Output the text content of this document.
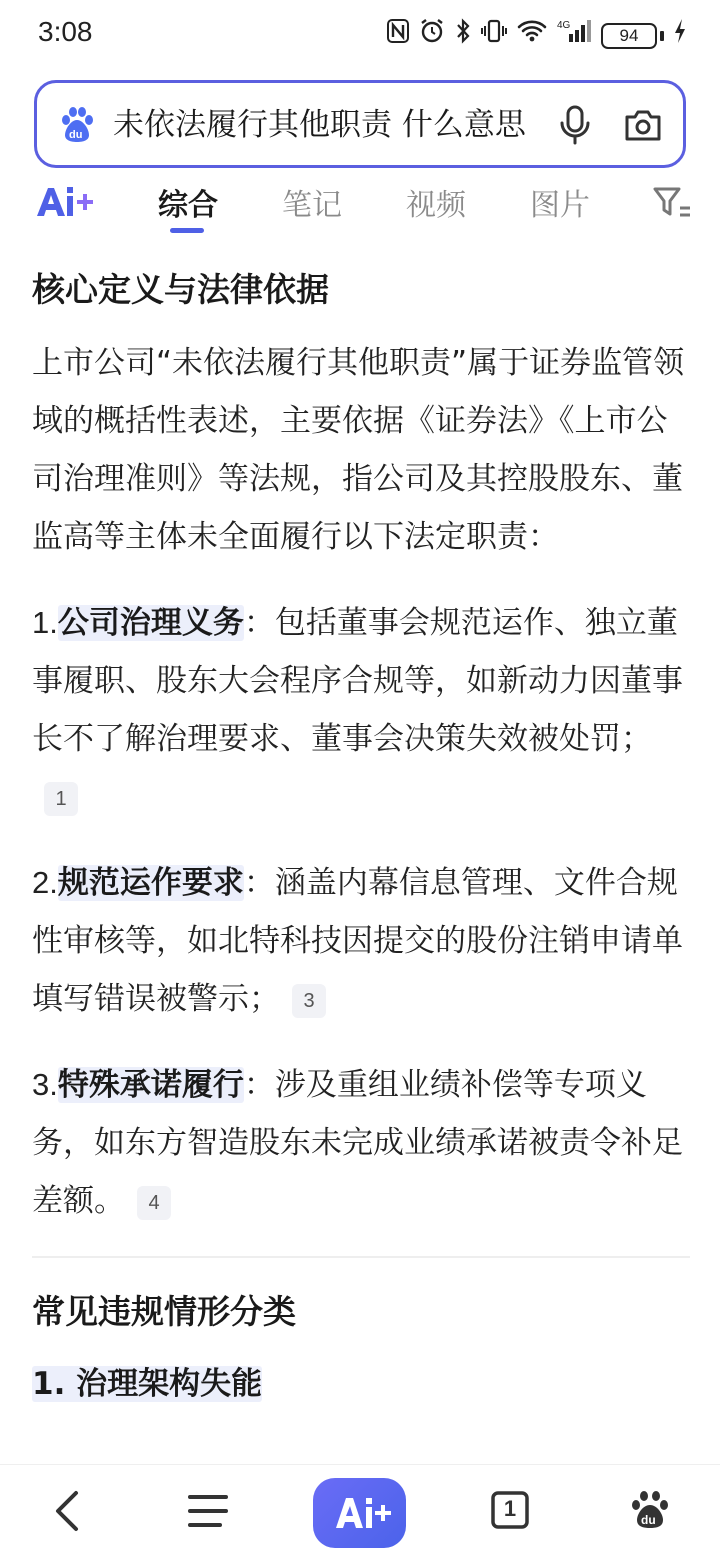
3:08	4G	94
du 未依法履行其他职责 什么意思
综合 笔记 视频 图片
核心定义与法律依据
上市公司“未依法履行其他职责”属于证券监管领域的概括性表述，主要依据《证券法》《上市公司治理准则》等法规，指公司及其控股股东、董监高等主体未全面履行以下法定职责：
1.公司治理义务：包括董事会规范运作、独立董事履职、股东大会程序合规等，如新动力因董事长不了解治理要求、董事会决策失效被处罚；1
2.规范运作要求：涵盖内幕信息管理、文件合规性审核等，如北特科技因提交的股份注销申请单填写错误被警示； 3
3.特殊承诺履行：涉及重组业绩补偿等专项义务，如东方智造股东未完成业绩承诺被责令补足差额。 4
常见违规情形分类
1. 治理架构失能
1	du
